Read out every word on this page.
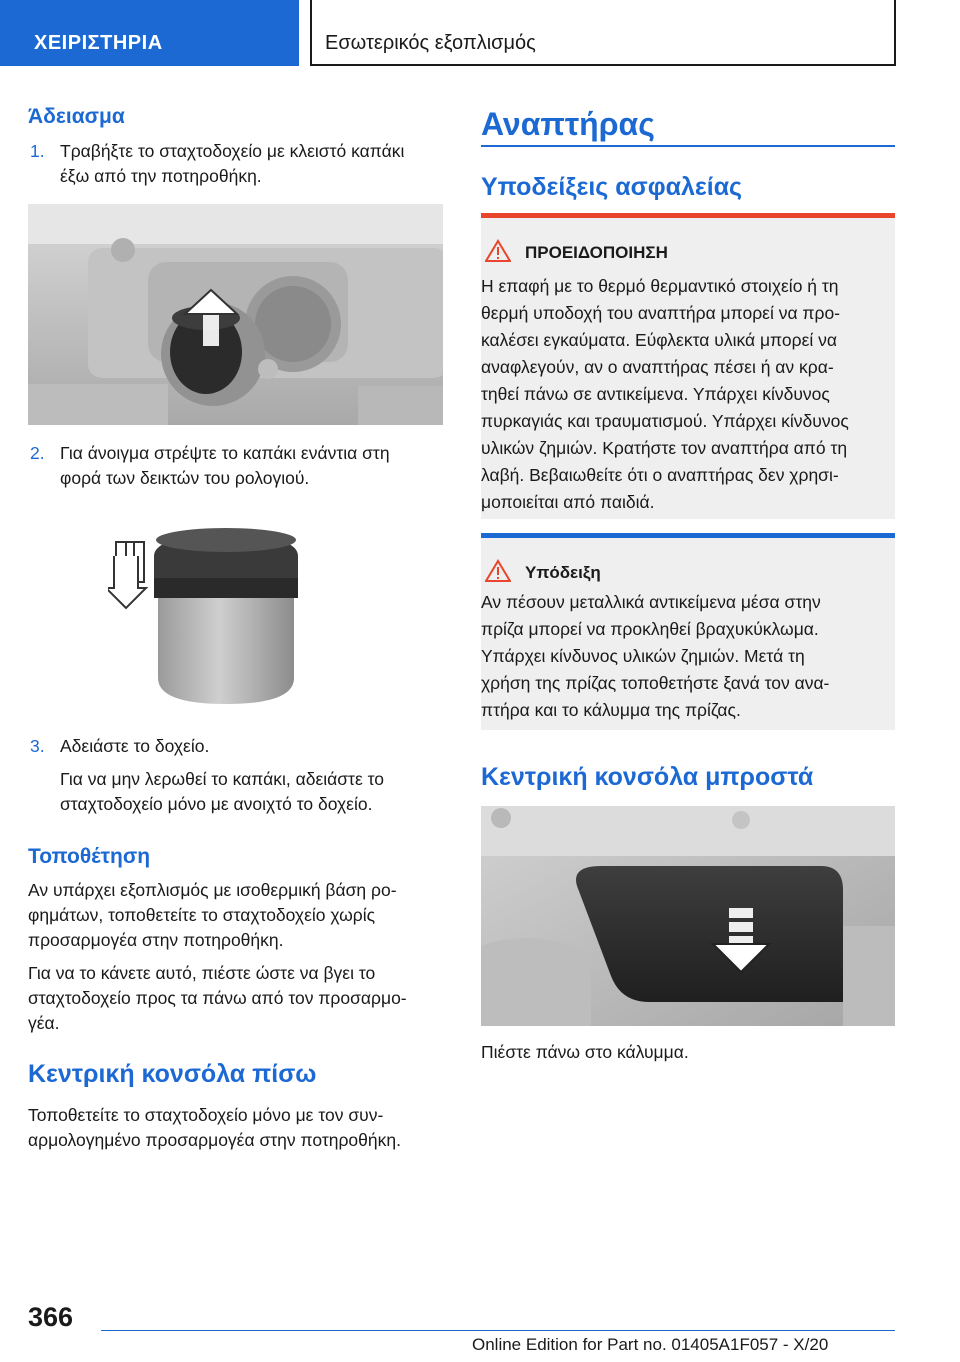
ΧΕΙΡΙΣΤΗΡΙΑ	Εσωτερικός εξοπλισμός
Άδειασμα
1. Τραβήξτε το σταχτοδοχείο με κλειστό καπάκι
έξω από την ποτηροθήκη.
2. Για άνοιγμα στρέψτε το καπάκι ενάντια στη
φορά των δεικτών του ρολογιού.
3. Αδειάστε το δοχείο.
Για να μην λερωθεί το καπάκι, αδειάστε το
σταχτοδοχείο μόνο με ανοιχτό το δοχείο.
Τοποθέτηση
Αν υπάρχει εξοπλισμός με ισοθερμική βάση ρο-
φημάτων, τοποθετείτε το σταχτοδοχείο χωρίς
προσαρμογέα στην ποτηροθήκη.
Για να το κάνετε αυτό, πιέστε ώστε να βγει το
σταχτοδοχείο προς τα πάνω από τον προσαρμο-
γέα.
Κεντρική κονσόλα πίσω
Τοποθετείτε το σταχτοδοχείο μόνο με τον συν-
αρμολογημένο προσαρμογέα στην ποτηροθήκη.
Αναπτήρας
Υποδείξεις ασφαλείας
ΠΡΟΕΙΔΟΠΟΙΗΣΗ
Η επαφή με το θερμό θερμαντικό στοιχείο ή τη
θερμή υποδοχή του αναπτήρα μπορεί να προ-
καλέσει εγκαύματα. Εύφλεκτα υλικά μπορεί να
αναφλεγούν, αν ο αναπτήρας πέσει ή αν κρα-
τηθεί πάνω σε αντικείμενα. Υπάρχει κίνδυνος
πυρκαγιάς και τραυματισμού. Υπάρχει κίνδυνος
υλικών ζημιών. Κρατήστε τον αναπτήρα από τη
λαβή. Βεβαιωθείτε ότι ο αναπτήρας δεν χρησι-
μοποιείται από παιδιά.
Υπόδειξη
Αν πέσουν μεταλλικά αντικείμενα μέσα στην
πρίζα μπορεί να προκληθεί βραχυκύκλωμα.
Υπάρχει κίνδυνος υλικών ζημιών. Μετά τη
χρήση της πρίζας τοποθετήστε ξανά τον ανα-
πτήρα και το κάλυμμα της πρίζας.
Κεντρική κονσόλα μπροστά
Πιέστε πάνω στο κάλυμμα.
366
Online Edition for Part no. 01405A1F057 - X/20
